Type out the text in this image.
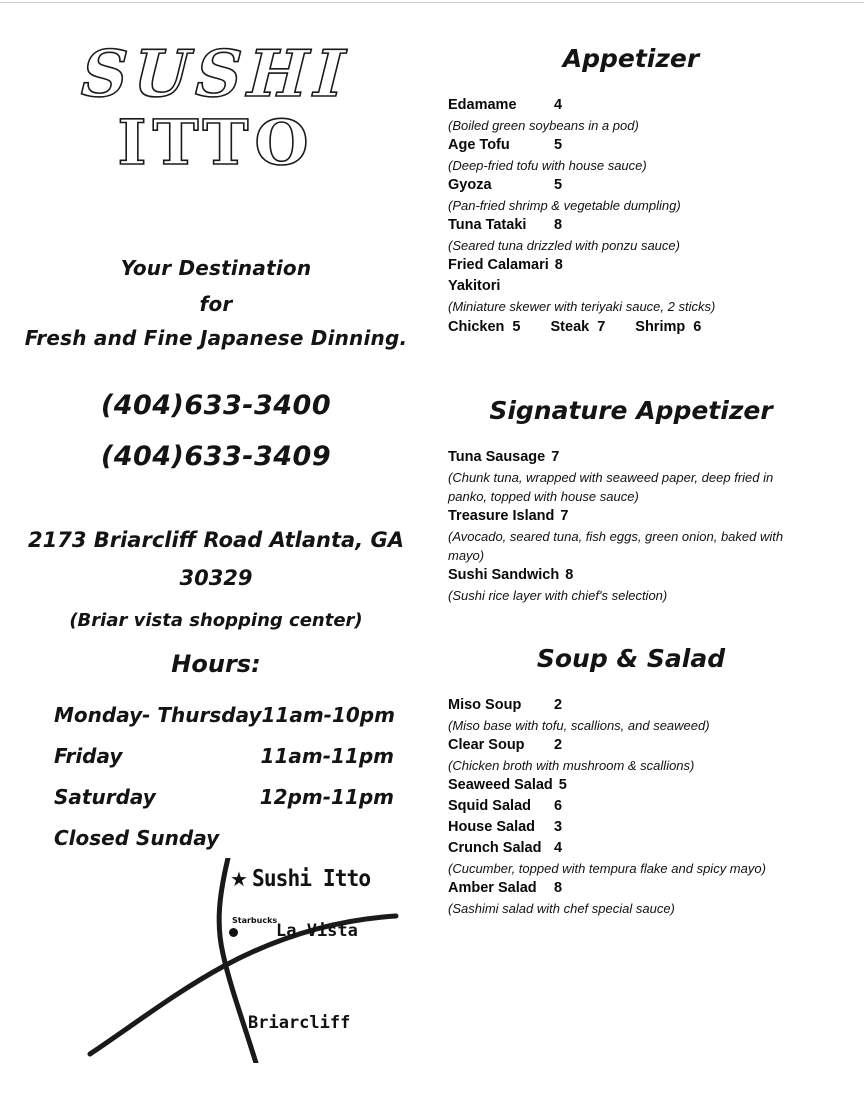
SUSHI
ITTO
Your Destination
for
Fresh and Fine Japanese Dinning.
(404)633-3400
(404)633-3409
2173 Briarcliff Road Atlanta, GA
30329
(Briar vista shopping center)
Hours:
Monday- Thursday 11am-10pm
Friday	11am-11pm
Saturday	12pm-11pm
Closed Sunday
★ Sushi Itto
Starbucks
La Vista
Briarcliff
Appetizer
Edamame	4
(Boiled green soybeans in a pod)
Age Tofu	5
(Deep-fried tofu with house sauce)
Gyoza	5
(Pan-fried shrimp & vegetable dumpling)
Tuna Tataki 8
(Seared tuna drizzled with ponzu sauce)
Fried Calamari 8
Yakitori
(Miniature skewer with teriyaki sauce, 2 sticks)
Chicken 5 Steak 7 Shrimp 6
Signature Appetizer
Tuna Sausage 7
(Chunk tuna, wrapped with seaweed paper, deep fried in panko, topped with house sauce)
Treasure Island 7
(Avocado, seared tuna, fish eggs, green onion, baked with mayo)
Sushi Sandwich 8
(Sushi rice layer with chief's selection)
Soup & Salad
Miso Soup 2
(Miso base with tofu, scallions, and seaweed)
Clear Soup 2
(Chicken broth with mushroom & scallions)
Seaweed Salad 5
Squid Salad 6
House Salad 3
Crunch Salad 4
(Cucumber, topped with tempura flake and spicy mayo)
Amber Salad 8
(Sashimi salad with chef special sauce)
